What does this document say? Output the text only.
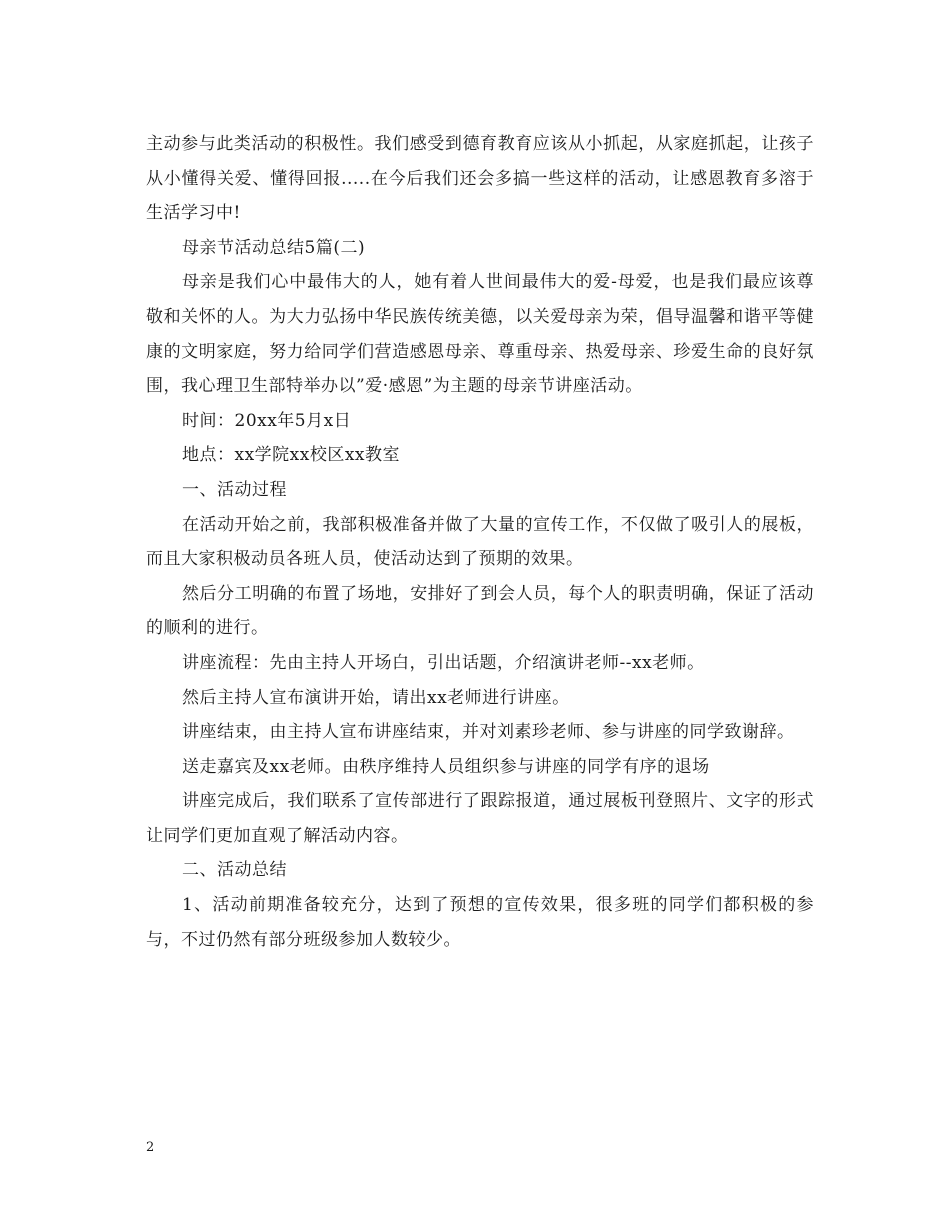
主动参与此类活动的积极性。我们感受到德育教育应该从小抓起，从家庭抓起，让孩子从小懂得关爱、懂得回报.....在今后我们还会多搞一些这样的活动，让感恩教育多溶于生活学习中!

母亲节活动总结5篇(二)

母亲是我们心中最伟大的人，她有着人世间最伟大的爱-母爱，也是我们最应该尊敬和关怀的人。为大力弘扬中华民族传统美德，以关爱母亲为荣，倡导温馨和谐平等健康的文明家庭，努力给同学们营造感恩母亲、尊重母亲、热爱母亲、珍爱生命的良好氛围，我心理卫生部特举办以”爱·感恩”为主题的母亲节讲座活动。

时间：20xx年5月x日

地点：xx学院xx校区xx教室

一、活动过程

在活动开始之前，我部积极准备并做了大量的宣传工作，不仅做了吸引人的展板，而且大家积极动员各班人员，使活动达到了预期的效果。

然后分工明确的布置了场地，安排好了到会人员，每个人的职责明确，保证了活动的顺利的进行。

讲座流程：先由主持人开场白，引出话题，介绍演讲老师--xx老师。

然后主持人宣布演讲开始，请出xx老师进行讲座。

讲座结束，由主持人宣布讲座结束，并对刘素珍老师、参与讲座的同学致谢辞。

送走嘉宾及xx老师。由秩序维持人员组织参与讲座的同学有序的退场

讲座完成后，我们联系了宣传部进行了跟踪报道，通过展板刊登照片、文字的形式让同学们更加直观了解活动内容。

二、活动总结

1、活动前期准备较充分，达到了预想的宣传效果，很多班的同学们都积极的参与，不过仍然有部分班级参加人数较少。

2
